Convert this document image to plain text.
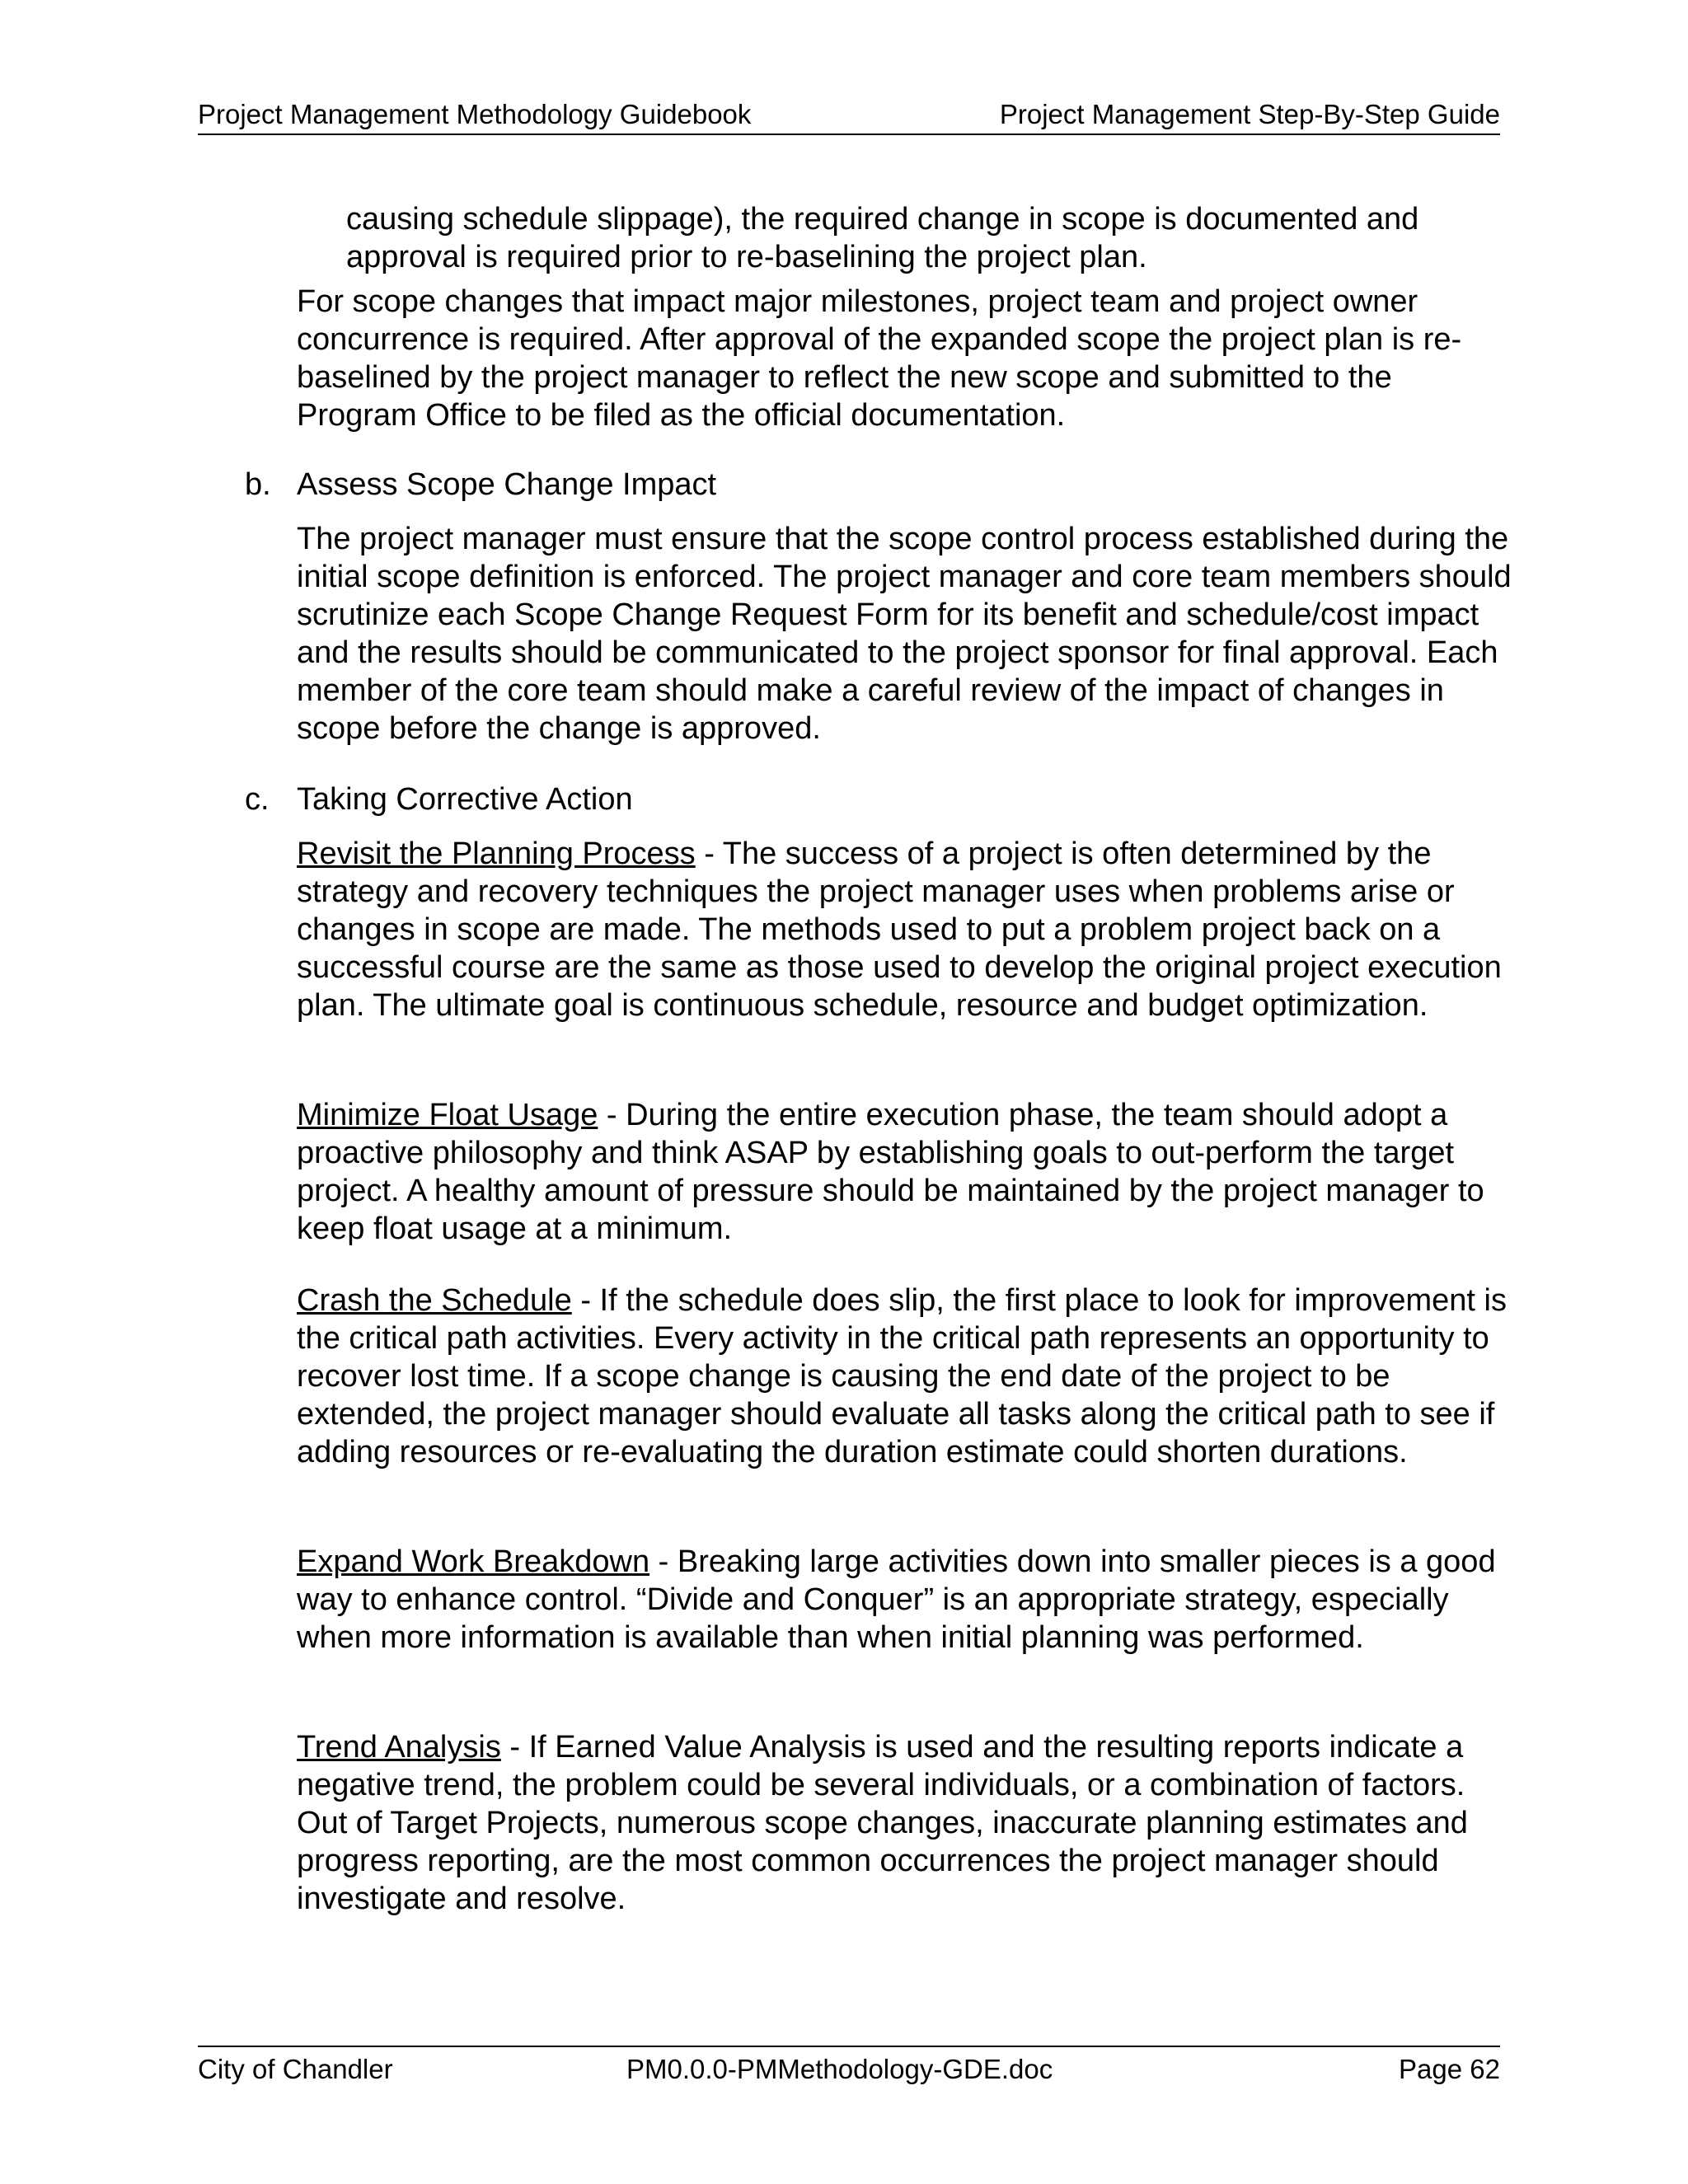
Project Management Methodology Guidebook	Project Management Step-By-Step Guide

causing schedule slippage), the required change in scope is documented and approval is required prior to re-baselining the project plan.

For scope changes that impact major milestones, project team and project owner concurrence is required. After approval of the expanded scope the project plan is re-baselined by the project manager to reflect the new scope and submitted to the Program Office to be filed as the official documentation.

b. Assess Scope Change Impact

The project manager must ensure that the scope control process established during the initial scope definition is enforced. The project manager and core team members should scrutinize each Scope Change Request Form for its benefit and schedule/cost impact and the results should be communicated to the project sponsor for final approval. Each member of the core team should make a careful review of the impact of changes in scope before the change is approved.

c. Taking Corrective Action

Revisit the Planning Process - The success of a project is often determined by the strategy and recovery techniques the project manager uses when problems arise or changes in scope are made. The methods used to put a problem project back on a successful course are the same as those used to develop the original project execution plan. The ultimate goal is continuous schedule, resource and budget optimization.

Minimize Float Usage - During the entire execution phase, the team should adopt a proactive philosophy and think ASAP by establishing goals to out-perform the target project. A healthy amount of pressure should be maintained by the project manager to keep float usage at a minimum.

Crash the Schedule - If the schedule does slip, the first place to look for improvement is the critical path activities. Every activity in the critical path represents an opportunity to recover lost time. If a scope change is causing the end date of the project to be extended, the project manager should evaluate all tasks along the critical path to see if adding resources or re-evaluating the duration estimate could shorten durations.

Expand Work Breakdown - Breaking large activities down into smaller pieces is a good way to enhance control. “Divide and Conquer” is an appropriate strategy, especially when more information is available than when initial planning was performed.

Trend Analysis - If Earned Value Analysis is used and the resulting reports indicate a negative trend, the problem could be several individuals, or a combination of factors. Out of Target Projects, numerous scope changes, inaccurate planning estimates and progress reporting, are the most common occurrences the project manager should investigate and resolve.

City of Chandler	PM0.0.0-PMMethodology-GDE.doc	Page 62
